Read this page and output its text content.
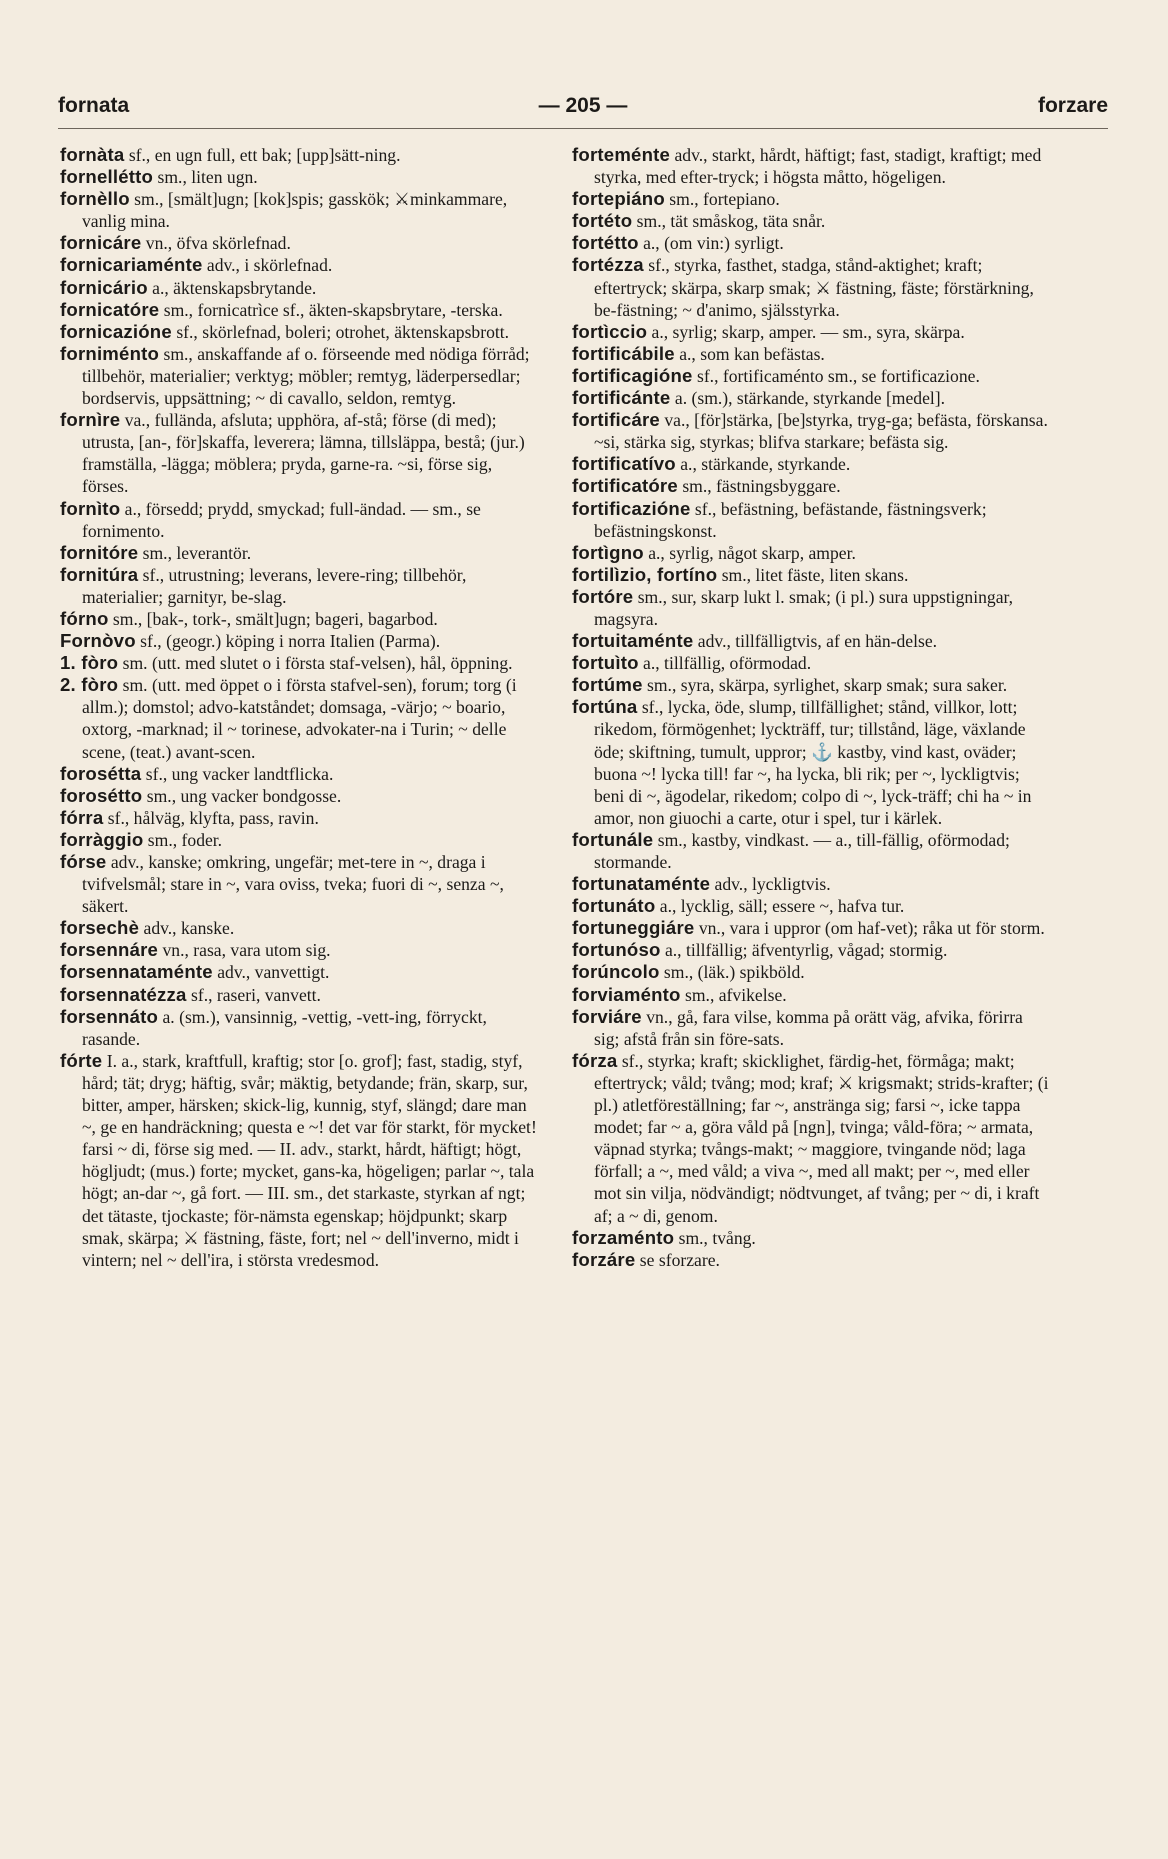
fornata	— 205 —	forzare

fornàta sf., en ugn full, ett bak; [upp]sätt-ning.

fornellétto sm., liten ugn.

fornèllo sm., [smält]ugn; [kok]spis; gasskök; ⚔minkammare, vanlig mina.

fornicáre vn., öfva skörlefnad.

fornicariaménte adv., i skörlefnad.

fornicário a., äktenskapsbrytande.

fornicatóre sm., fornicatrìce sf., äkten-skapsbrytare, -terska.

fornicazióne sf., skörlefnad, boleri; otrohet, äktenskapsbrott.

forniménto sm., anskaffande af o. förseende med nödiga förråd; tillbehör, materialier; verktyg; möbler; remtyg, läderpersedlar; bordservis, uppsättning; ~ di cavallo, seldon, remtyg.

fornìre va., fullända, afsluta; upphöra, af-stå; förse (di med); utrusta, [an-, för]skaffa, leverera; lämna, tillsläppa, bestå; (jur.) framställa, -lägga; möblera; pryda, garne-ra. ~si, förse sig, förses.

fornìto a., försedd; prydd, smyckad; full-ändad. — sm., se fornimento.

fornitóre sm., leverantör.

fornitúra sf., utrustning; leverans, levere-ring; tillbehör, materialier; garnityr, be-slag.

fórno sm., [bak-, tork-, smält]ugn; bageri, bagarbod.

Fornòvo sf., (geogr.) köping i norra Italien (Parma).

1. fòro sm. (utt. med slutet o i första staf-velsen), hål, öppning.

2. fòro sm. (utt. med öppet o i första stafvel-sen), forum; torg (i allm.); domstol; advo-katståndet; domsaga, -värjo; ~ boario, oxtorg, -marknad; il ~ torinese, advokater-na i Turin; ~ delle scene, (teat.) avant-scen.

forosétta sf., ung vacker landtflicka.

forosétto sm., ung vacker bondgosse.

fórra sf., hålväg, klyfta, pass, ravin.

forràggio sm., foder.

fórse adv., kanske; omkring, ungefär; met-tere in ~, draga i tvifvelsmål; stare in ~, vara oviss, tveka; fuori di ~, senza ~, säkert.

forsechè adv., kanske.

forsennáre vn., rasa, vara utom sig.

forsennataménte adv., vanvettigt.

forsennatézza sf., raseri, vanvett.

forsennáto a. (sm.), vansinnig, -vettig, -vett-ing, förryckt, rasande.

fórte I. a., stark, kraftfull, kraftig; stor [o. grof]; fast, stadig, styf, hård; tät; dryg; häftig, svår; mäktig, betydande; frän, skarp, sur, bitter, amper, härsken; skick-lig, kunnig, styf, slängd; dare man ~, ge en handräckning; questa e ~! det var för starkt, för mycket! farsi ~ di, förse sig med. — II. adv., starkt, hårdt, häftigt; högt, högljudt; (mus.) forte; mycket, gans-ka, högeligen; parlar ~, tala högt; an-dar ~, gå fort. — III. sm., det starkaste, styrkan af ngt; det tätaste, tjockaste; för-nämsta egenskap; höjdpunkt; skarp smak, skärpa; ⚔ fästning, fäste, fort; nel ~ dell'inverno, midt i vintern; nel ~ dell'ira, i största vredesmod.

forteménte adv., starkt, hårdt, häftigt; fast, stadigt, kraftigt; med styrka, med efter-tryck; i högsta måtto, högeligen.

fortepiáno sm., fortepiano.

fortéto sm., tät småskog, täta snår.

fortétto a., (om vin:) syrligt.

fortézza sf., styrka, fasthet, stadga, stånd-aktighet; kraft; eftertryck; skärpa, skarp smak; ⚔ fästning, fäste; förstärkning, be-fästning; ~ d'animo, själsstyrka.

fortìccio a., syrlig; skarp, amper. — sm., syra, skärpa.

fortificábile a., som kan befästas.

fortificagióne sf., fortificaménto sm., se fortificazione.

fortificánte a. (sm.), stärkande, styrkande [medel].

fortificáre va., [för]stärka, [be]styrka, tryg-ga; befästa, förskansa. ~si, stärka sig, styrkas; blifva starkare; befästa sig.

fortificatívo a., stärkande, styrkande.

fortificatóre sm., fästningsbyggare.

fortificazióne sf., befästning, befästande, fästningsverk; befästningskonst.

fortìgno a., syrlig, något skarp, amper.

fortilìzio, fortíno sm., litet fäste, liten skans.

fortóre sm., sur, skarp lukt l. smak; (i pl.) sura uppstigningar, magsyra.

fortuitaménte adv., tillfälligtvis, af en hän-delse.

fortuìto a., tillfällig, oförmodad.

fortúme sm., syra, skärpa, syrlighet, skarp smak; sura saker.

fortúna sf., lycka, öde, slump, tillfällighet; stånd, villkor, lott; rikedom, förmögenhet; lyckträff, tur; tillstånd, läge, växlande öde; skiftning, tumult, uppror; ⚓ kastby, vind kast, oväder; buona ~! lycka till! far ~, ha lycka, bli rik; per ~, lyckligtvis; beni di ~, ägodelar, rikedom; colpo di ~, lyck-träff; chi ha ~ in amor, non giuochi a carte, otur i spel, tur i kärlek.

fortunále sm., kastby, vindkast. — a., till-fällig, oförmodad; stormande.

fortunataménte adv., lyckligtvis.

fortunáto a., lycklig, säll; essere ~, hafva tur.

fortuneggiáre vn., vara i uppror (om haf-vet); råka ut för storm.

fortunóso a., tillfällig; äfventyrlig, vågad; stormig.

forúncolo sm., (läk.) spikböld.

forviaménto sm., afvikelse.

forviáre vn., gå, fara vilse, komma på orätt väg, afvika, förirra sig; afstå från sin före-sats.

fórza sf., styrka; kraft; skicklighet, färdig-het, förmåga; makt; eftertryck; våld; tvång; mod; kraf; ⚔ krigsmakt; strids-krafter; (i pl.) atletföreställning; far ~, anstränga sig; farsi ~, icke tappa modet; far ~ a, göra våld på [ngn], tvinga; våld-föra; ~ armata, väpnad styrka; tvångs-makt; ~ maggiore, tvingande nöd; laga förfall; a ~, med våld; a viva ~, med all makt; per ~, med eller mot sin vilja, nödvändigt; nödtvunget, af tvång; per ~ di, i kraft af; a ~ di, genom.

forzaménto sm., tvång.

forzáre se sforzare.
